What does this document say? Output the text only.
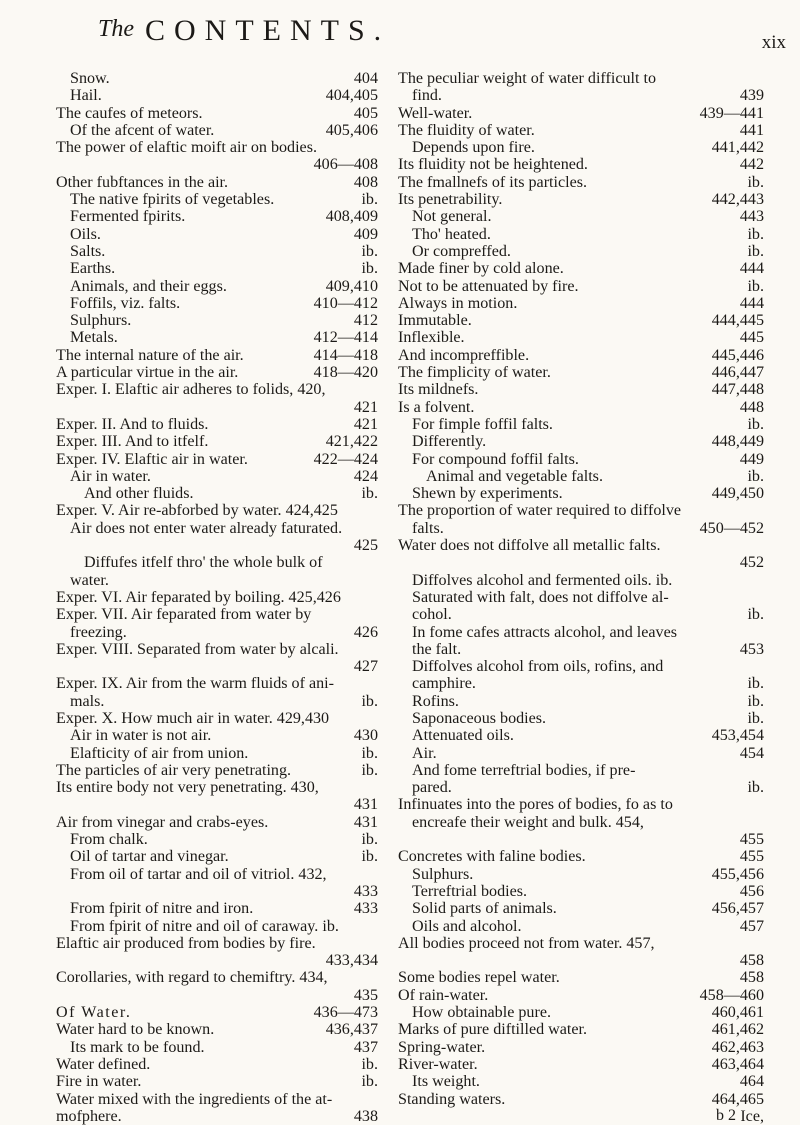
The CONTENTS.	xix
Snow.	404
Hail.	404,405
The caufes of meteors.	405
Of the afcent of water.	405,406
The power of elaftic moift air on bodies.
406—408
Other fubftances in the air.	408
The native fpirits of vegetables.	ib.
Fermented fpirits.	408,409
Oils.	409
Salts.	ib.
Earths.	ib.
Animals, and their eggs.	409,410
Foffils, viz. falts.	410—412
Sulphurs.	412
Metals.	412—414
The internal nature of the air.	414—418
A particular virtue in the air.	418—420
Exper. I. Elaftic air adheres to folids, 420,
421
Exper. II. And to fluids.	421
Exper. III. And to itfelf.	421,422
Exper. IV. Elaftic air in water.	422—424
Air in water.	424
And other fluids.	ib.
Exper. V. Air re-abforbed by water. 424,425
Air does not enter water already faturated.
425
Diffufes itfelf thro' the whole bulk of
water.
Exper. VI. Air feparated by boiling. 425,426
Exper. VII. Air feparated from water by
freezing.	426
Exper. VIII. Separated from water by alcali.
427
Exper. IX. Air from the warm fluids of ani-
mals.	ib.
Exper. X. How much air in water. 429,430
Air in water is not air.	430
Elafticity of air from union.	ib.
The particles of air very penetrating.	ib.
Its entire body not very penetrating. 430,
431
Air from vinegar and crabs-eyes.	431
From chalk.	ib.
Oil of tartar and vinegar.	ib.
From oil of tartar and oil of vitriol. 432,
433
From fpirit of nitre and iron.	433
From fpirit of nitre and oil of caraway. ib.
Elaftic air produced from bodies by fire.
433,434
Corollaries, with regard to chemiftry. 434,
435
Of Water.	436—473
Water hard to be known.	436,437
Its mark to be found.	437
Water defined.	ib.
Fire in water.	ib.
Water mixed with the ingredients of the at-
mofphere.	438
The peculiar weight of water difficult to
find.	439
Well-water.	439—441
The fluidity of water.	441
Depends upon fire.	441,442
Its fluidity not be heightened.	442
The fmallnefs of its particles.	ib.
Its penetrability.	442,443
Not general.	443
Tho' heated.	ib.
Or compreffed.	ib.
Made finer by cold alone.	444
Not to be attenuated by fire.	ib.
Always in motion.	444
Immutable.	444,445
Inflexible.	445
And incompreffible.	445,446
The fimplicity of water.	446,447
Its mildnefs.	447,448
Is a folvent.	448
For fimple foffil falts.	ib.
Differently.	448,449
For compound foffil falts.	449
Animal and vegetable falts.	ib.
Shewn by experiments.	449,450
The proportion of water required to diffolve
falts.	450—452
Water does not diffolve all metallic falts.
452
Diffolves alcohol and fermented oils. ib.
Saturated with falt, does not diffolve al-
cohol.	ib.
In fome cafes attracts alcohol, and leaves
the falt.	453
Diffolves alcohol from oils, rofins, and
camphire.	ib.
Rofins.	ib.
Saponaceous bodies.	ib.
Attenuated oils.	453,454
Air.	454
And fome terreftrial bodies, if pre-
pared.	ib.
Infinuates into the pores of bodies, fo as to
encreafe their weight and bulk. 454,
455
Concretes with faline bodies.	455
Sulphurs.	455,456
Terreftrial bodies.	456
Solid parts of animals.	456,457
Oils and alcohol.	457
All bodies proceed not from water. 457,
458
Some bodies repel water.	458
Of rain-water.	458—460
How obtainable pure.	460,461
Marks of pure diftilled water.	461,462
Spring-water.	462,463
River-water.	463,464
Its weight.	464
Standing waters.	464,465
Ice,
b 2
